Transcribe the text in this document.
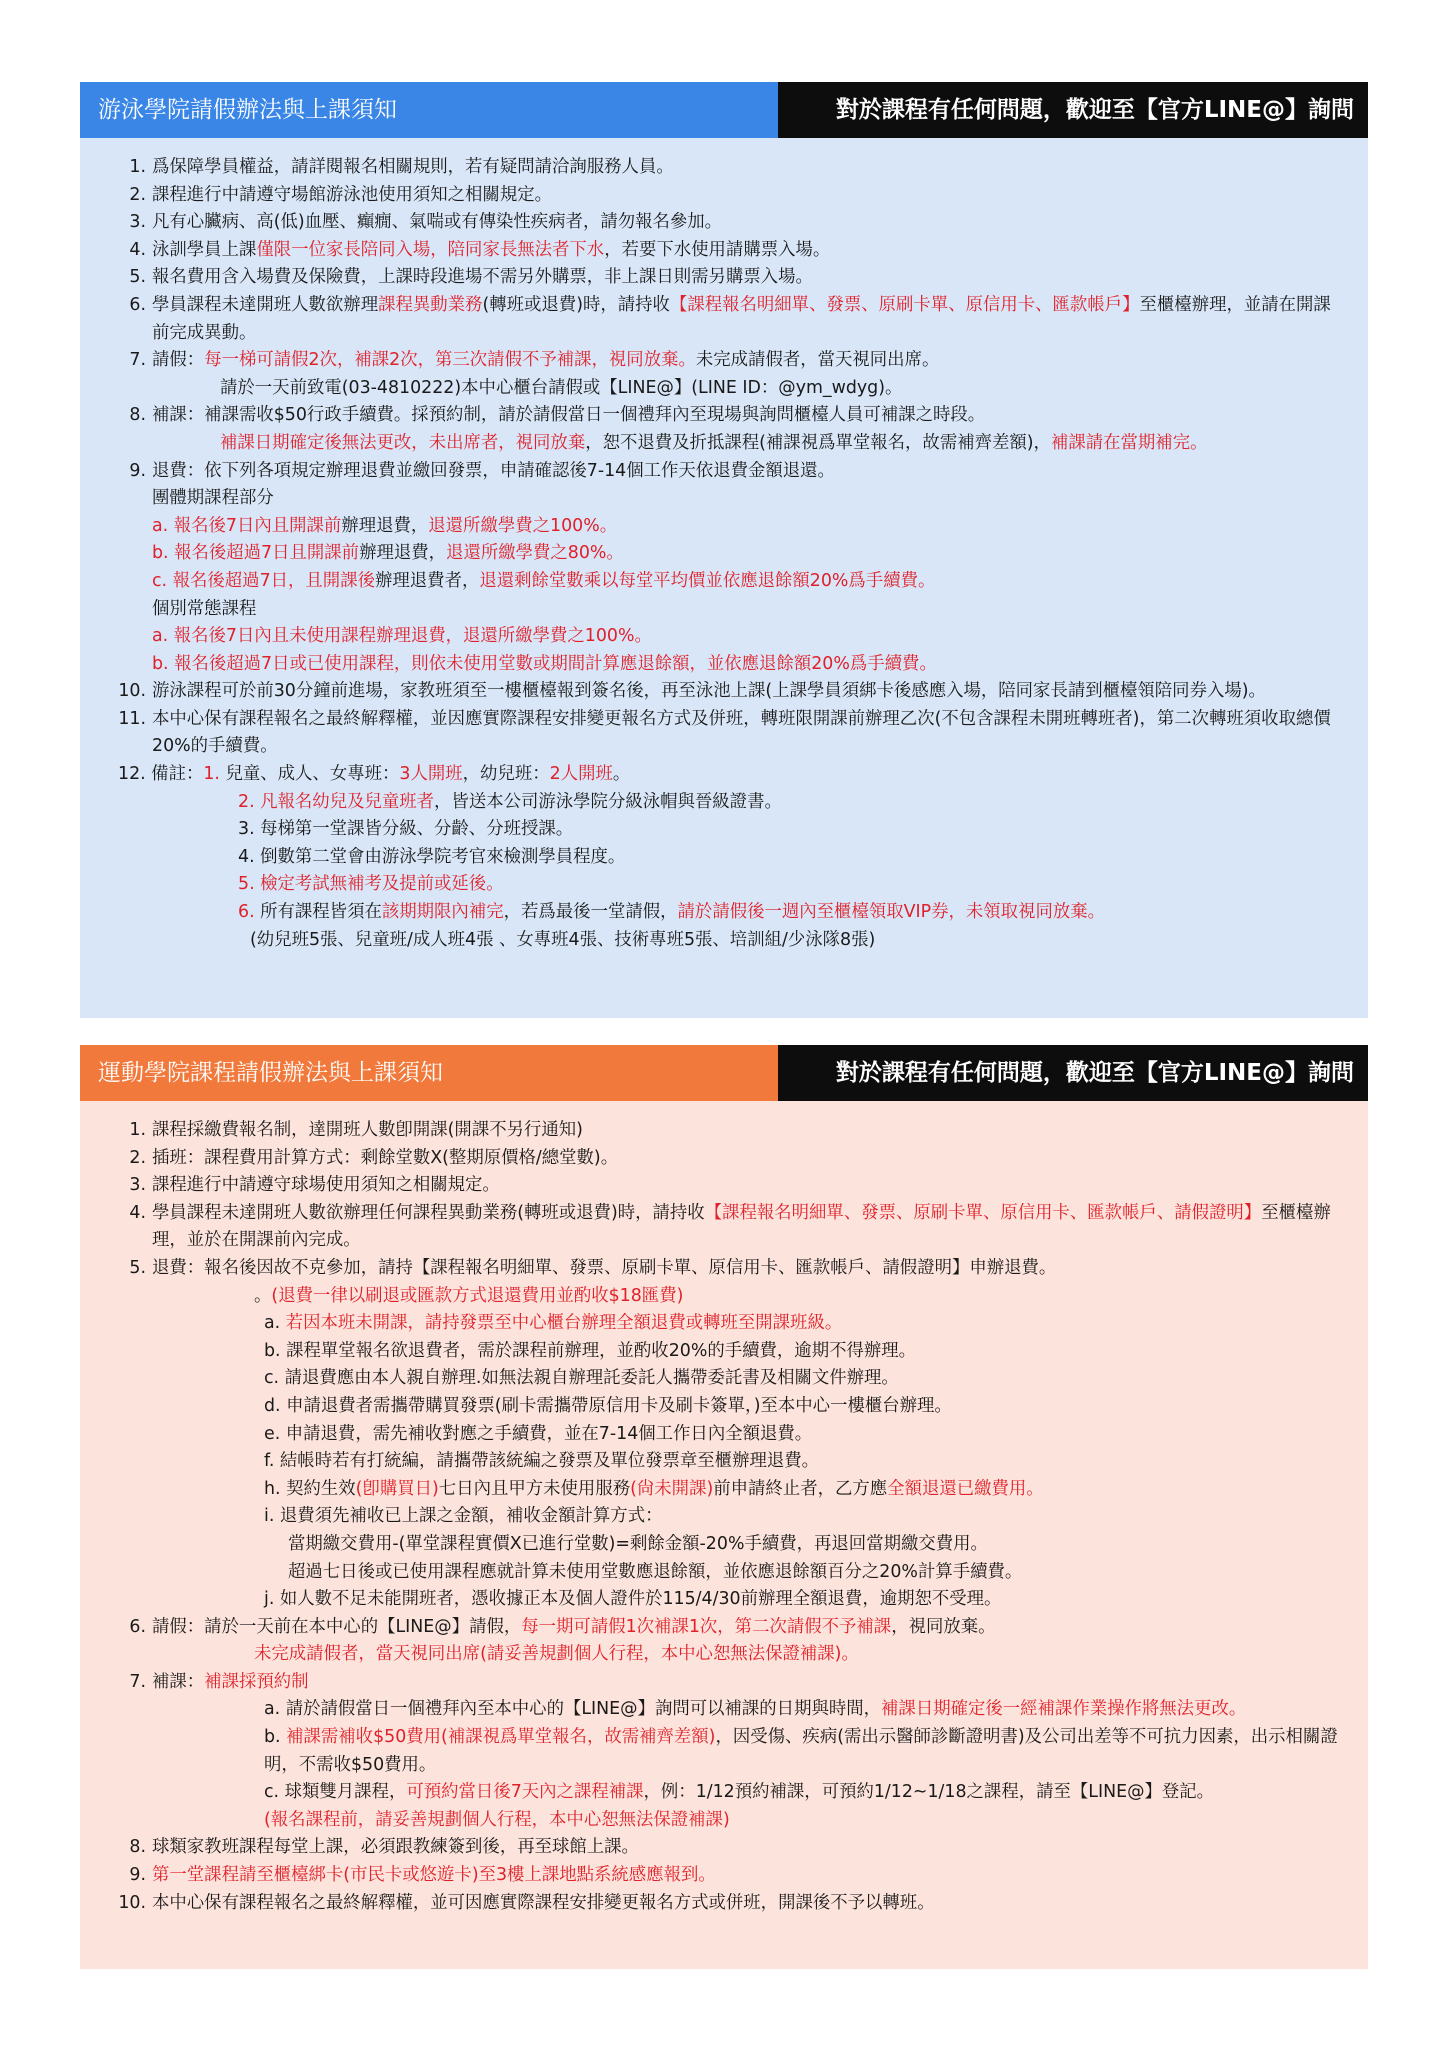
游泳學院請假辦法與上課須知	對於課程有任何問題，歡迎至【官方LINE@】詢問
1. 爲保障學員權益，請詳閱報名相關規則，若有疑問請洽詢服務人員。
2. 課程進行中請遵守場館游泳池使用須知之相關規定。
3. 凡有心臟病、高(低)血壓、癲癇、氣喘或有傳染性疾病者，請勿報名參加。
4. 泳訓學員上課僅限一位家長陪同入場，陪同家長無法者下水，若要下水使用請購票入場。
5. 報名費用含入場費及保險費，上課時段進場不需另外購票，非上課日則需另購票入場。
6. 學員課程未達開班人數欲辦理課程異動業務(轉班或退費)時，請持收【課程報名明細單、發票、原刷卡單、原信用卡、匯款帳戶】至櫃檯辦理，並請在開課前完成異動。
7. 請假：每一梯可請假2次，補課2次，第三次請假不予補課，視同放棄。未完成請假者，當天視同出席。
請於一天前致電(03-4810222)本中心櫃台請假或【LINE@】(LINE ID：@ym_wdyg)。
8. 補課：補課需收$50行政手續費。採預約制，請於請假當日一個禮拜內至現場與詢問櫃檯人員可補課之時段。
補課日期確定後無法更改，未出席者，視同放棄，恕不退費及折抵課程(補課視爲單堂報名，故需補齊差額)，補課請在當期補完。
9. 退費：依下列各項規定辦理退費並繳回發票，申請確認後7-14個工作天依退費金額退還。
團體期課程部分
a. 報名後7日內且開課前辦理退費，退還所繳學費之100%。
b. 報名後超過7日且開課前辦理退費，退還所繳學費之80%。
c. 報名後超過7日，且開課後辦理退費者，退還剩餘堂數乘以每堂平均價並依應退餘額20%爲手續費。
個別常態課程
a. 報名後7日內且未使用課程辦理退費，退還所繳學費之100%。
b. 報名後超過7日或已使用課程，則依未使用堂數或期間計算應退餘額，並依應退餘額20%爲手續費。
10. 游泳課程可於前30分鐘前進場，家教班須至一樓櫃檯報到簽名後，再至泳池上課(上課學員須綁卡後感應入場，陪同家長請到櫃檯領陪同券入場)。
11. 本中心保有課程報名之最終解釋權，並因應實際課程安排變更報名方式及併班，轉班限開課前辦理乙次(不包含課程未開班轉班者)，第二次轉班須收取總價20%的手續費。
12. 備註： 1. 兒童、成人、女專班：3人開班，幼兒班：2人開班。
2. 凡報名幼兒及兒童班者，皆送本公司游泳學院分級泳帽與晉級證書。
3. 每梯第一堂課皆分級、分齡、分班授課。
4. 倒數第二堂會由游泳學院考官來檢測學員程度。
5. 檢定考試無補考及提前或延後。
6. 所有課程皆須在該期期限內補完，若爲最後一堂請假，請於請假後一週內至櫃檯領取VIP券，未領取視同放棄。
(幼兒班5張、兒童班/成人班4張 、女專班4張、技術專班5張、培訓組/少泳隊8張)
運動學院課程請假辦法與上課須知	對於課程有任何問題，歡迎至【官方LINE@】詢問
1. 課程採繳費報名制，達開班人數卽開課(開課不另行通知)
2. 插班：課程費用計算方式：剩餘堂數X(整期原價格/總堂數)。
3. 課程進行中請遵守球場使用須知之相關規定。
4. 學員課程未達開班人數欲辦理任何課程異動業務(轉班或退費)時，請持收【課程報名明細單、發票、原刷卡單、原信用卡、匯款帳戶、請假證明】至櫃檯辦理，並於在開課前內完成。
5. 退費：報名後因故不克參加，請持【課程報名明細單、發票、原刷卡單、原信用卡、匯款帳戶、請假證明】申辦退費。
。(退費一律以刷退或匯款方式退還費用並酌收$18匯費)
a. 若因本班未開課，請持發票至中心櫃台辦理全額退費或轉班至開課班級。
b. 課程單堂報名欲退費者，需於課程前辦理，並酌收20%的手續費，逾期不得辦理。
c. 請退費應由本人親自辦理.如無法親自辦理託委託人攜帶委託書及相關文件辦理。
d. 申請退費者需攜帶購買發票(刷卡需攜帶原信用卡及刷卡簽單，)至本中心一樓櫃台辦理。
e. 申請退費，需先補收對應之手續費，並在7-14個工作日內全額退費。
f. 結帳時若有打統編，請攜帶該統編之發票及單位發票章至櫃辦理退費。
h. 契約生效(卽購買日)七日內且甲方未使用服務(尙未開課)前申請終止者，乙方應全額退還已繳費用。
i. 退費須先補收已上課之金額，補收金額計算方式：
當期繳交費用-(單堂課程實價X已進行堂數)=剩餘金額-20%手續費，再退回當期繳交費用。
超過七日後或已使用課程應就計算未使用堂數應退餘額，並依應退餘額百分之20%計算手續費。
j. 如人數不足未能開班者，憑收據正本及個人證件於115/4/30前辦理全額退費，逾期恕不受理。
6. 請假：請於一天前在本中心的【LINE@】請假，每一期可請假1次補課1次，第二次請假不予補課，視同放棄。
未完成請假者，當天視同出席(請妥善規劃個人行程，本中心恕無法保證補課)。
7. 補課：補課採預約制
a. 請於請假當日一個禮拜內至本中心的【LINE@】詢問可以補課的日期與時間，補課日期確定後一經補課作業操作將無法更改。
b. 補課需補收$50費用(補課視爲單堂報名，故需補齊差額)，因受傷、疾病(需出示醫師診斷證明書)及公司出差等不可抗力因素，出示相關證明，不需收$50費用。
c. 球類雙月課程，可預約當日後7天內之課程補課，例：1/12預約補課，可預約1/12~1/18之課程，請至【LINE@】登記。
(報名課程前，請妥善規劃個人行程，本中心恕無法保證補課)
8. 球類家教班課程每堂上課，必須跟教練簽到後，再至球館上課。
9. 第一堂課程請至櫃檯綁卡(市民卡或悠遊卡)至3樓上課地點系統感應報到。
10. 本中心保有課程報名之最終解釋權，並可因應實際課程安排變更報名方式或併班，開課後不予以轉班。
